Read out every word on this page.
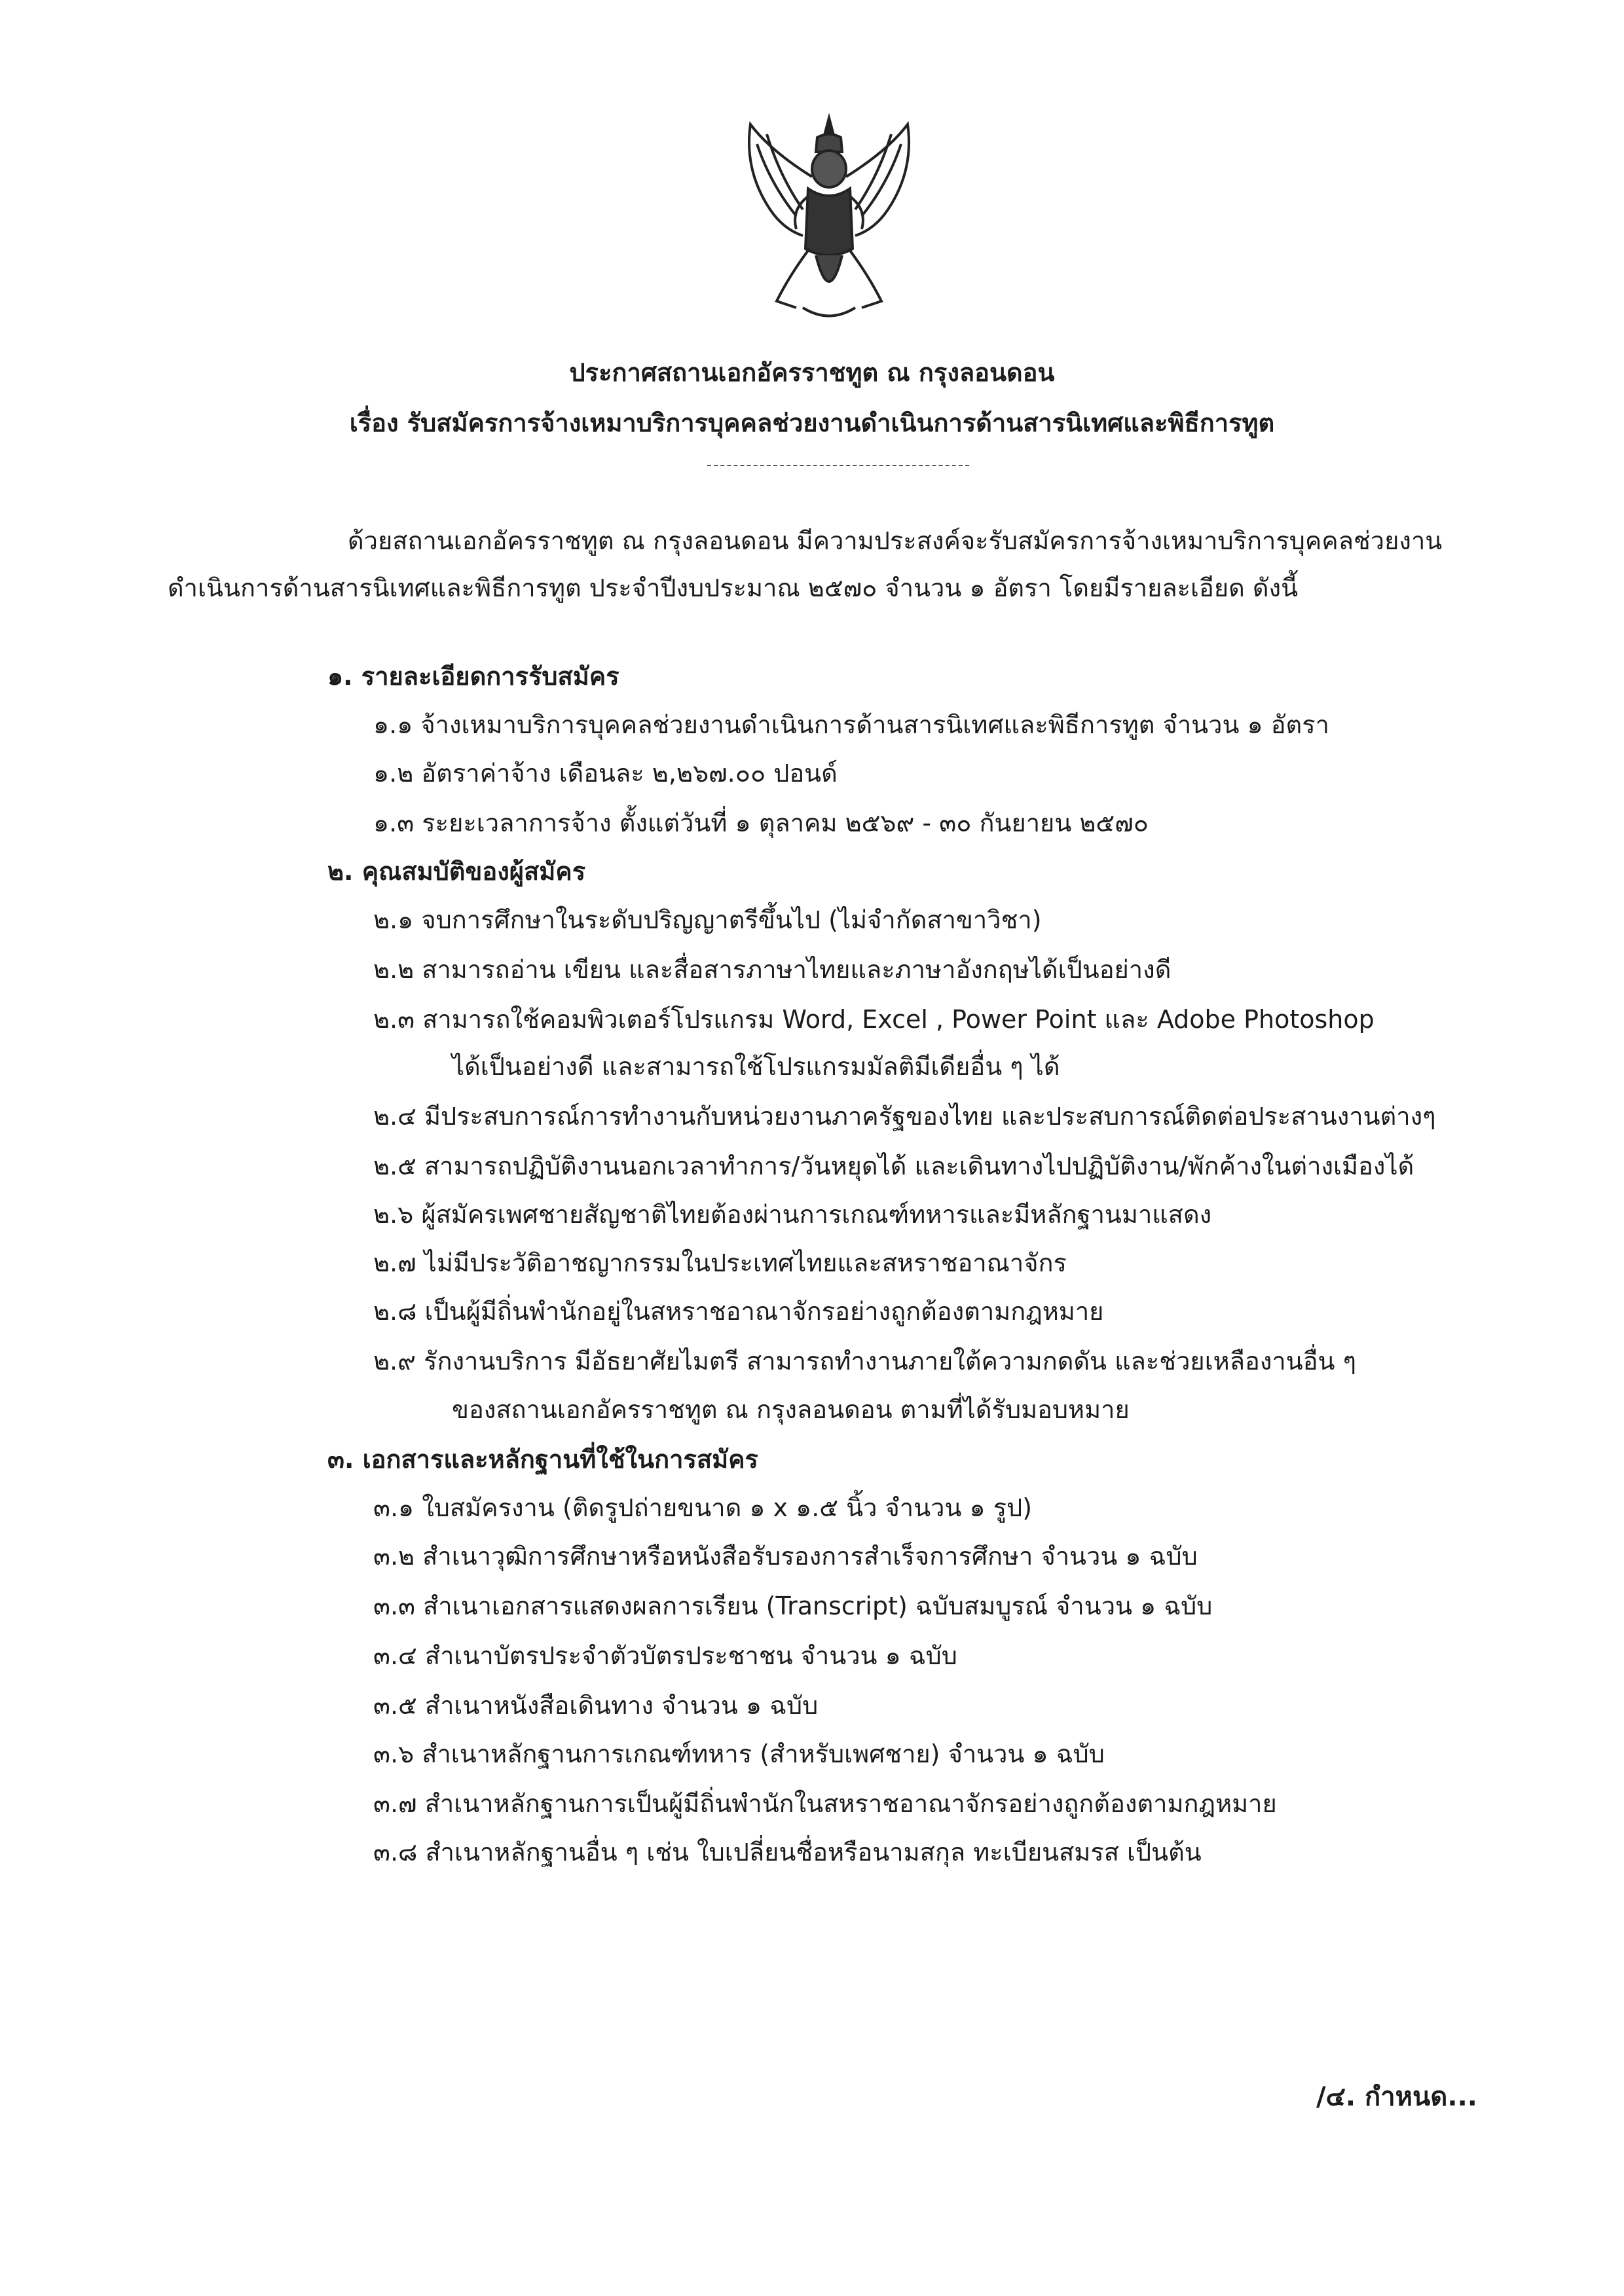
ประกาศสถานเอกอัครราชทูต ณ กรุงลอนดอน
เรื่อง รับสมัครการจ้างเหมาบริการบุคคลช่วยงานดำเนินการด้านสารนิเทศและพิธีการทูต
ด้วยสถานเอกอัครราชทูต ณ กรุงลอนดอน มีความประสงค์จะรับสมัครการจ้างเหมาบริการบุคคลช่วยงาน
ดำเนินการด้านสารนิเทศและพิธีการทูต ประจำปีงบประมาณ ๒๕๗๐ จำนวน ๑ อัตรา โดยมีรายละเอียด ดังนี้
๑. รายละเอียดการรับสมัคร
๑.๑ จ้างเหมาบริการบุคคลช่วยงานดำเนินการด้านสารนิเทศและพิธีการทูต จำนวน ๑ อัตรา
๑.๒ อัตราค่าจ้าง เดือนละ ๒,๒๖๗.๐๐ ปอนด์
๑.๓ ระยะเวลาการจ้าง ตั้งแต่วันที่ ๑ ตุลาคม ๒๕๖๙ - ๓๐ กันยายน ๒๕๗๐
๒. คุณสมบัติของผู้สมัคร
๒.๑ จบการศึกษาในระดับปริญญาตรีขึ้นไป (ไม่จำกัดสาขาวิชา)
๒.๒ สามารถอ่าน เขียน และสื่อสารภาษาไทยและภาษาอังกฤษได้เป็นอย่างดี
๒.๓ สามารถใช้คอมพิวเตอร์โปรแกรม Word, Excel , Power Point และ Adobe Photoshop
ได้เป็นอย่างดี และสามารถใช้โปรแกรมมัลติมีเดียอื่น ๆ ได้
๒.๔ มีประสบการณ์การทำงานกับหน่วยงานภาครัฐของไทย และประสบการณ์ติดต่อประสานงานต่างๆ
๒.๕ สามารถปฏิบัติงานนอกเวลาทำการ/วันหยุดได้ และเดินทางไปปฏิบัติงาน/พักค้างในต่างเมืองได้
๒.๖ ผู้สมัครเพศชายสัญชาติไทยต้องผ่านการเกณฑ์ทหารและมีหลักฐานมาแสดง
๒.๗ ไม่มีประวัติอาชญากรรมในประเทศไทยและสหราชอาณาจักร
๒.๘ เป็นผู้มีถิ่นพำนักอยู่ในสหราชอาณาจักรอย่างถูกต้องตามกฎหมาย
๒.๙ รักงานบริการ มีอัธยาศัยไมตรี สามารถทำงานภายใต้ความกดดัน และช่วยเหลืองานอื่น ๆ
ของสถานเอกอัครราชทูต ณ กรุงลอนดอน ตามที่ได้รับมอบหมาย
๓. เอกสารและหลักฐานที่ใช้ในการสมัคร
๓.๑ ใบสมัครงาน (ติดรูปถ่ายขนาด ๑ x ๑.๕ นิ้ว จำนวน ๑ รูป)
๓.๒ สำเนาวุฒิการศึกษาหรือหนังสือรับรองการสำเร็จการศึกษา จำนวน ๑ ฉบับ
๓.๓ สำเนาเอกสารแสดงผลการเรียน (Transcript) ฉบับสมบูรณ์ จำนวน ๑ ฉบับ
๓.๔ สำเนาบัตรประจำตัวบัตรประชาชน จำนวน ๑ ฉบับ
๓.๕ สำเนาหนังสือเดินทาง จำนวน ๑ ฉบับ
๓.๖ สำเนาหลักฐานการเกณฑ์ทหาร (สำหรับเพศชาย) จำนวน ๑ ฉบับ
๓.๗ สำเนาหลักฐานการเป็นผู้มีถิ่นพำนักในสหราชอาณาจักรอย่างถูกต้องตามกฎหมาย
๓.๘ สำเนาหลักฐานอื่น ๆ เช่น ใบเปลี่ยนชื่อหรือนามสกุล ทะเบียนสมรส เป็นต้น
/๔. กำหนด...
